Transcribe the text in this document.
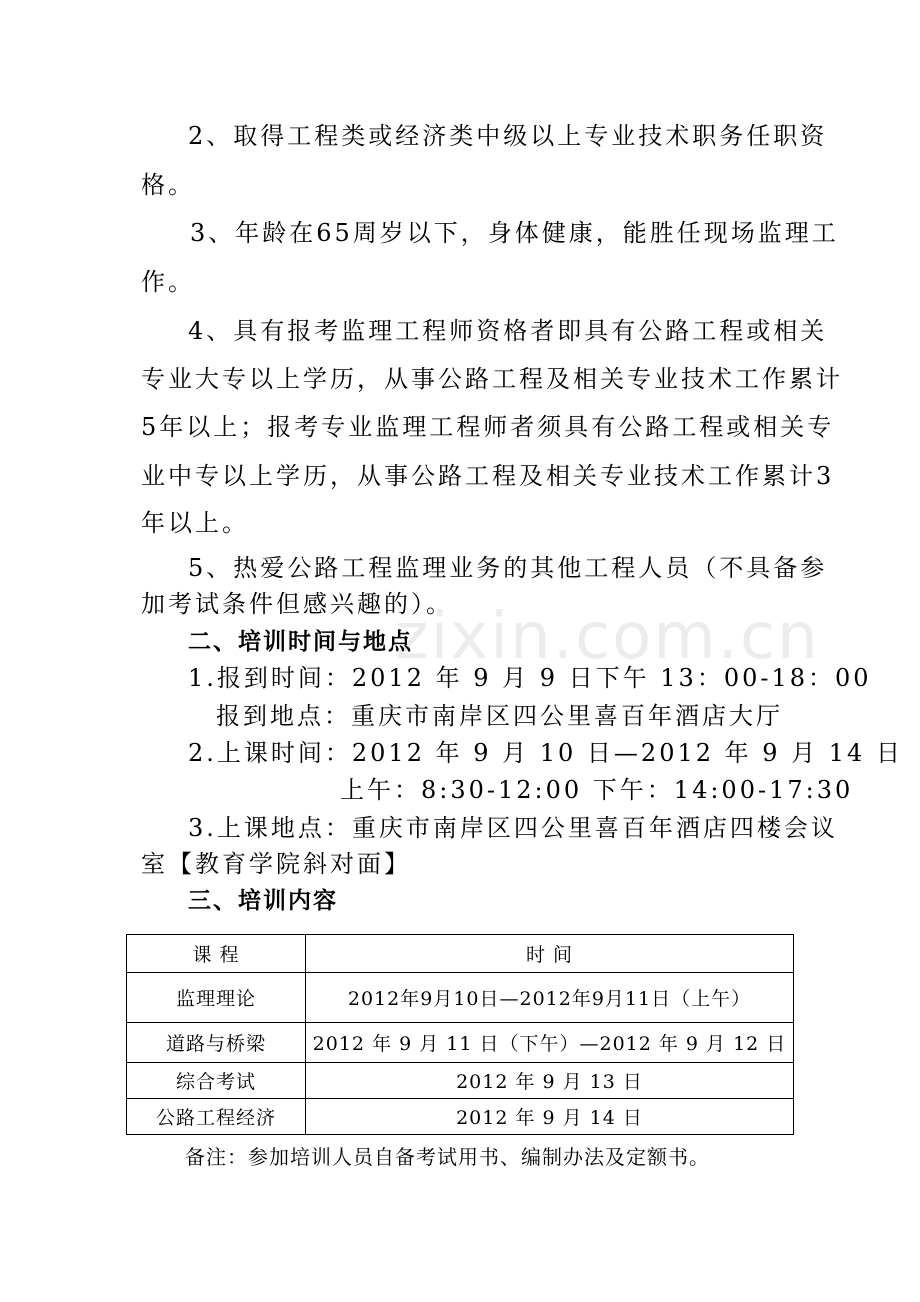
zixin.com.cn
2、取得工程类或经济类中级以上专业技术职务任职资
格。
3、年龄在65周岁以下，身体健康，能胜任现场监理工
作。
4、具有报考监理工程师资格者即具有公路工程或相关
专业大专以上学历，从事公路工程及相关专业技术工作累计
5年以上；报考专业监理工程师者须具有公路工程或相关专
业中专以上学历，从事公路工程及相关专业技术工作累计3
年以上。
5、热爱公路工程监理业务的其他工程人员（不具备参
加考试条件但感兴趣的）。
二、培训时间与地点
1.报到时间：2012 年 9 月 9 日下午 13：00-18：00
报到地点：重庆市南岸区四公里喜百年酒店大厅
2.上课时间：2012 年 9 月 10 日—2012 年 9 月 14 日
上午：8:30-12:00 下午：14:00-17:30
3.上课地点：重庆市南岸区四公里喜百年酒店四楼会议
室【教育学院斜对面】
三、培训内容
课 程	时 间
监理理论	2012年9月10日—2012年9月11日（上午）
道路与桥梁	2012 年 9 月 11 日（下午）—2012 年 9 月 12 日
综合考试	2012 年 9 月 13 日
公路工程经济	2012 年 9 月 14 日
备注：参加培训人员自备考试用书、编制办法及定额书。
